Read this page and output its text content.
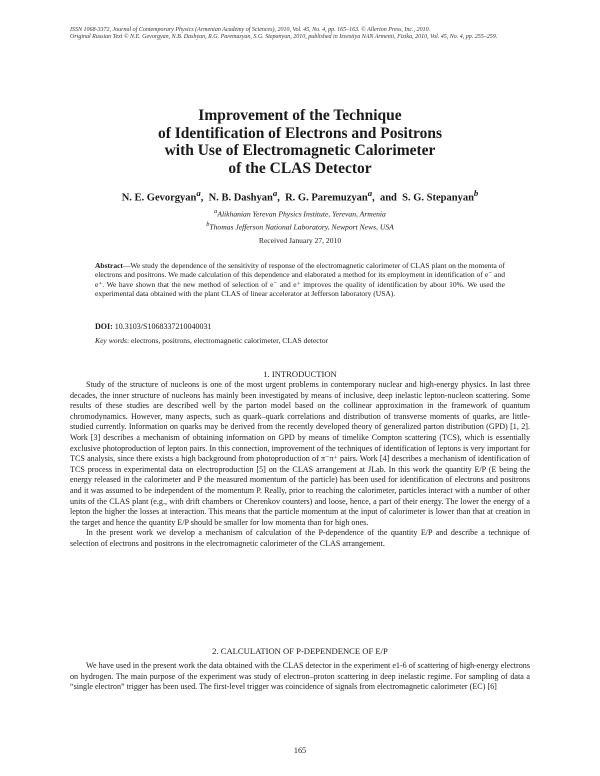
ISSN 1068-3372, Journal of Contemporary Physics (Armenian Academy of Sciences), 2010, Vol. 45, No. 4, pp. 165–163. © Allerton Press, Inc., 2010.
Original Russian Text © N.E. Gevorgyan, N.B. Dashyan, R.G. Paremuzyan, S.G. Stepanyan, 2010, published in Izvestiya NAN Armenii, Fizika, 2010, Vol. 45, No. 4, pp. 255–259.
Improvement of the Technique
of Identification of Electrons and Positrons
with Use of Electromagnetic Calorimeter
of the CLAS Detector
N. E. Gevorgyan$^a$,  N. B. Dashyan$^a$,  R. G. Paremuzyan$^a$,  and  S. G. Stepanyan$^b$
$^a$Alikhanian Yerevan Physics Institute, Yerevan, Armenia
$^b$Thomas Jefferson National Laboratory, Newport News, USA
Received January 27, 2010
Abstract—We study the dependence of the sensitivity of response of the electromagnetic calorimeter of CLAS plant on the momenta of electrons and positrons. We made calculation of this dependence and elaborated a method for its employment in identification of e⁻ and e⁺. We have shown that the new method of selection of e⁻ and e⁺ improves the quality of identification by about 10%. We used the experimental data obtained with the plant CLAS of linear accelerator at Jefferson laboratory (USA).
DOI: 10.3103/S1068337210040031
Key words: electrons, positrons, electromagnetic calorimeter, CLAS detector
1. INTRODUCTION

Study of the structure of nucleons is one of the most urgent problems in contemporary nuclear and high-energy physics. In last three decades, the inner structure of nucleons has mainly been investigated by means of inclusive, deep inelastic lepton-nucleon scattering. Some results of these studies are described well by the parton model based on the collinear approximation in the framework of quantum chromodynamics. However, many aspects, such as quark–quark correlations and distribution of transverse moments of quarks, are little-studied currently. Information on quarks may be derived from the recently developed theory of generalized parton distribution (GPD) [1, 2]. Work [3] describes a mechanism of obtaining information on GPD by means of timelike Compton scattering (TCS), which is essentially exclusive photoproduction of lepton pairs. In this connection, improvement of the techniques of identification of leptons is very important for TCS analysis, since there exists a high background from photoproduction of π⁻π⁺ pairs. Work [4] describes a mechanism of identification of TCS process in experimental data on electroproduction [5] on the CLAS arrangement at JLab. In this work the quantity E/P (E being the energy released in the calorimeter and P the measured momentum of the particle) has been used for identification of electrons and positrons and it was assumed to be independent of the momentum P. Really, prior to reaching the calorimeter, particles interact with a number of other units of the CLAS plant (e.g., with drift chambers or Cherenkov counters) and loose, hence, a part of their energy. The lower the energy of a lepton the higher the losses at interaction. This means that the particle momentum at the input of calorimeter is lower than that at creation in the target and hence the quantity E/P should be smaller for low momenta than for high ones.

In the present work we develop a mechanism of calculation of the P-dependence of the quantity E/P and describe a technique of selection of electrons and positrons in the electromagnetic calorimeter of the CLAS arrangement.

2. CALCULATION OF P-DEPENDENCE OF E/P

We have used in the present work the data obtained with the CLAS detector in the experiment e1-6 of scattering of high-energy electrons on hydrogen. The main purpose of the experiment was study of electron–proton scattering in deep inelastic regime. For sampling of data a “single electron” trigger has been used. The first-level trigger was coincidence of signals from electromagnetic calorimeter (EC) [6]

165
